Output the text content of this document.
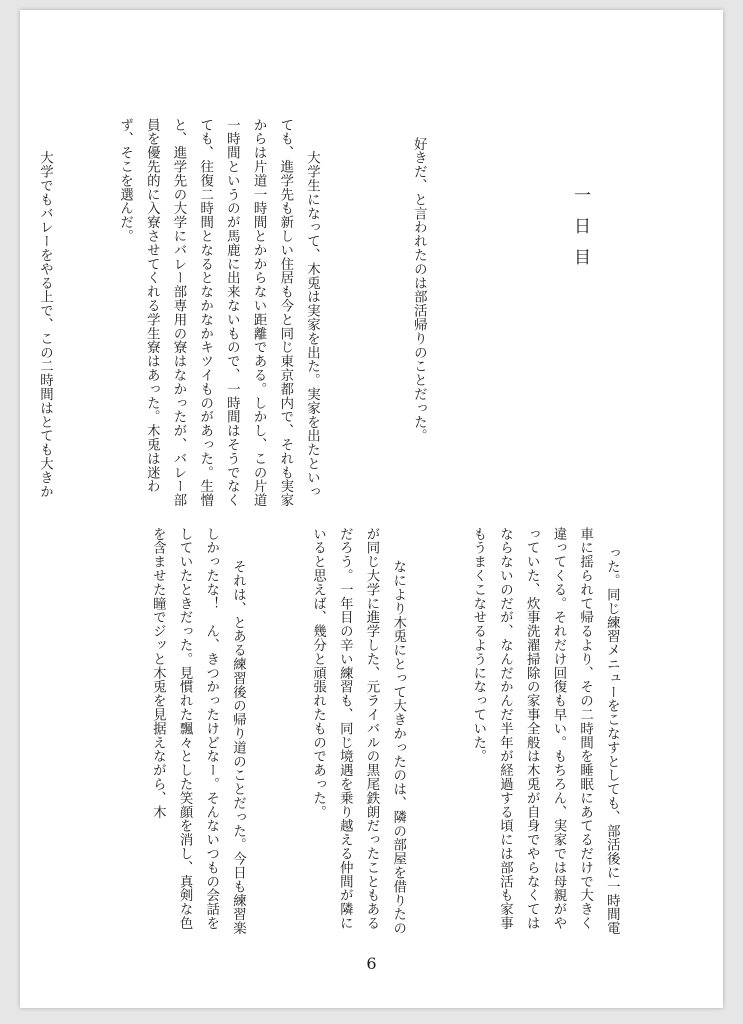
一日目

好きだ、と言われたのは部活帰りのことだった。

　大学生になって、木兎は実家を出た。実家を出たといっても、進学先も新しい住居も今と同じ東京都内で、それも実家からは片道一時間とかからない距離である。しかし、この片道一時間というのが馬鹿に出来ないもので、一時間はそうでなくても、往復二時間となるとなかなかキツイものがあった。生憎と、進学先の大学にバレー部専用の寮はなかったが、バレー部員を優先的に入寮させてくれる学生寮はあった。木兎は迷わず、そこを選んだ。

　大学でもバレーをやる上で、この二時間はとても大きか

った。同じ練習メニューをこなすとしても、部活後に一時間電車に揺られて帰るより、その二時間を睡眠にあてるだけで大きく違ってくる。それだけ回復も早い。もちろん、実家では母親がやっていた、炊事洗濯掃除の家事全般は木兎が自身でやらなくてはならないのだが、なんだかんだ半年が経過する頃には部活も家事もうまくこなせるようになっていた。

　なにより木兎にとって大きかったのは、隣の部屋を借りたのが同じ大学に進学した、元ライバルの黒尾鉄朗だったこともあるだろう。一年目の辛い練習も、同じ境遇を乗り越える仲間が隣にいると思えば、幾分と頑張れたものであった。

　それは、とある練習後の帰り道のことだった。今日も練習楽しかったな！　ん、きつかったけどなー。そんないつもの会話をしていたときだった。見慣れた飄々とした笑顔を消し、真剣な色を含ませた瞳でジッと木兎を見据えながら、木

6
